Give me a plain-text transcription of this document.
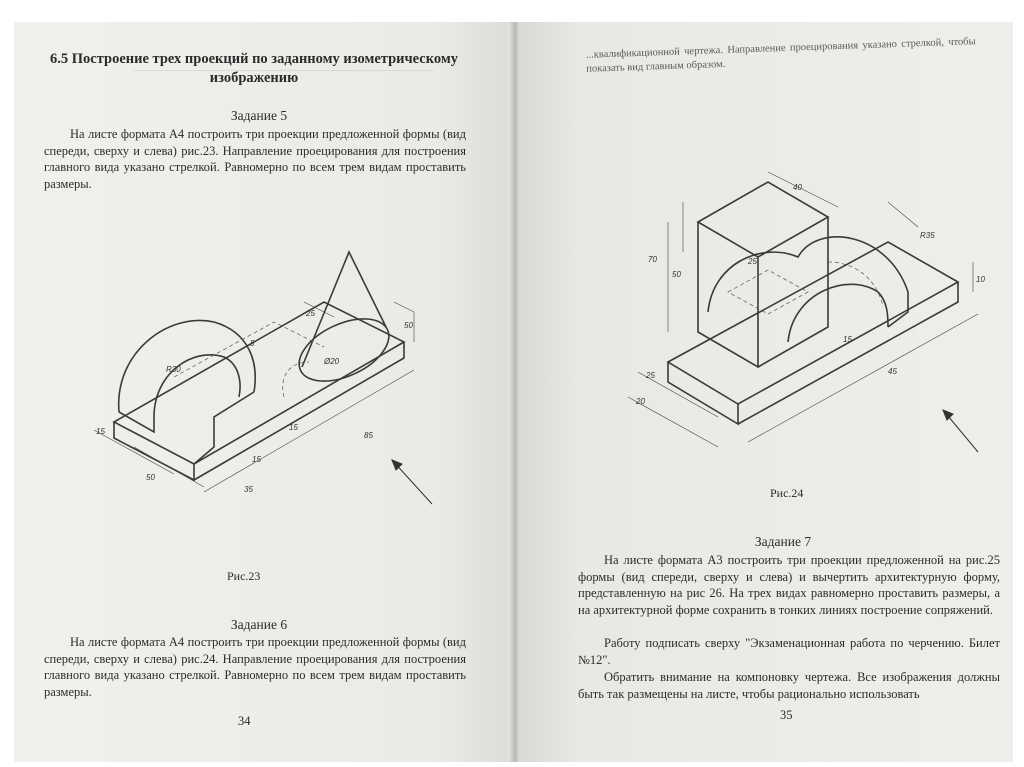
6.5 Построение трех проекций по заданному изометрическому изображению
Задание 5
На листе формата А4 построить три проекции предложенной формы (вид спереди, сверху и слева) рис.23. Направление проецирования для построения главного вида указано стрелкой. Равномерно по всем трем видам проставить размеры.
R30
25
50
8
Ø20
15
15	85
50
35
15
Рис.23
Задание 6
На листе формата А4 построить три проекции предложенной формы (вид спереди, сверху и слева) рис.24. Направление проецирования для построения главного вида указано стрелкой. Равномерно по всем трем видам проставить размеры.
34
...квалификационной чертежа. Направление проецирования указано стрелкой, чтобы показать вид главным образом.
40
70
50
25
R35
25
20
45
10
15
Рис.24
Задание 7
На листе формата А3 построить три проекции предложенной на рис.25 формы (вид спереди, сверху и слева) и вычертить архитектурную форму, представленную на рис 26. На трех видах равномерно проставить размеры, а на архитектурной форме сохранить в тонких линиях построение сопряжений.
Работу подписать сверху "Экзаменационная работа по черчению. Билет №12".
Обратить внимание на компоновку чертежа. Все изображения должны быть так размещены на листе, чтобы рационально использовать
35
